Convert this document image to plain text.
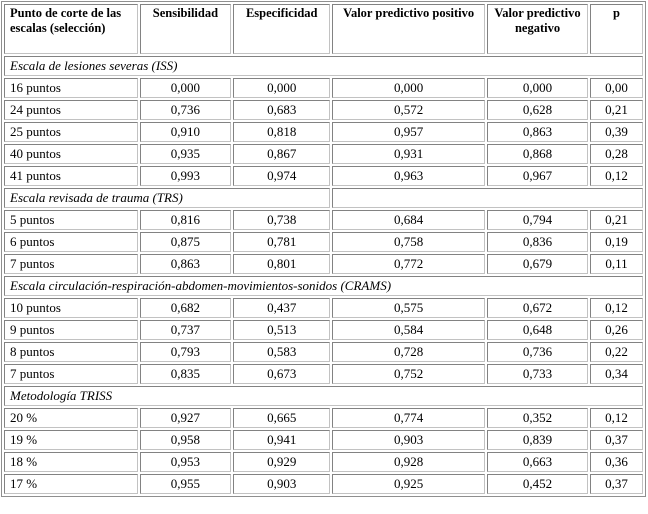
Punto de corte de las escalas (selección)	Sensibilidad	Especificidad	Valor predictivo positivo	Valor predictivo negativo	p
Escala de lesiones severas (ISS)					
16 puntos	0,000	0,000	0,000	0,000	0,00
24 puntos	0,736	0,683	0,572	0,628	0,21
25 puntos	0,910	0,818	0,957	0,863	0,39
40 puntos	0,935	0,867	0,931	0,868	0,28
41 puntos	0,993	0,974	0,963	0,967	0,12
Escala revisada de trauma (TRS)					
5 puntos	0,816	0,738	0,684	0,794	0,21
6 puntos	0,875	0,781	0,758	0,836	0,19
7 puntos	0,863	0,801	0,772	0,679	0,11
Escala circulación-respiración-abdomen-movimientos-sonidos (CRAMS)					
10 puntos	0,682	0,437	0,575	0,672	0,12
9 puntos	0,737	0,513	0,584	0,648	0,26
8 puntos	0,793	0,583	0,728	0,736	0,22
7 puntos	0,835	0,673	0,752	0,733	0,34
Metodología TRISS					
20 %	0,927	0,665	0,774	0,352	0,12
19 %	0,958	0,941	0,903	0,839	0,37
18 %	0,953	0,929	0,928	0,663	0,36
17 %	0,955	0,903	0,925	0,452	0,37
